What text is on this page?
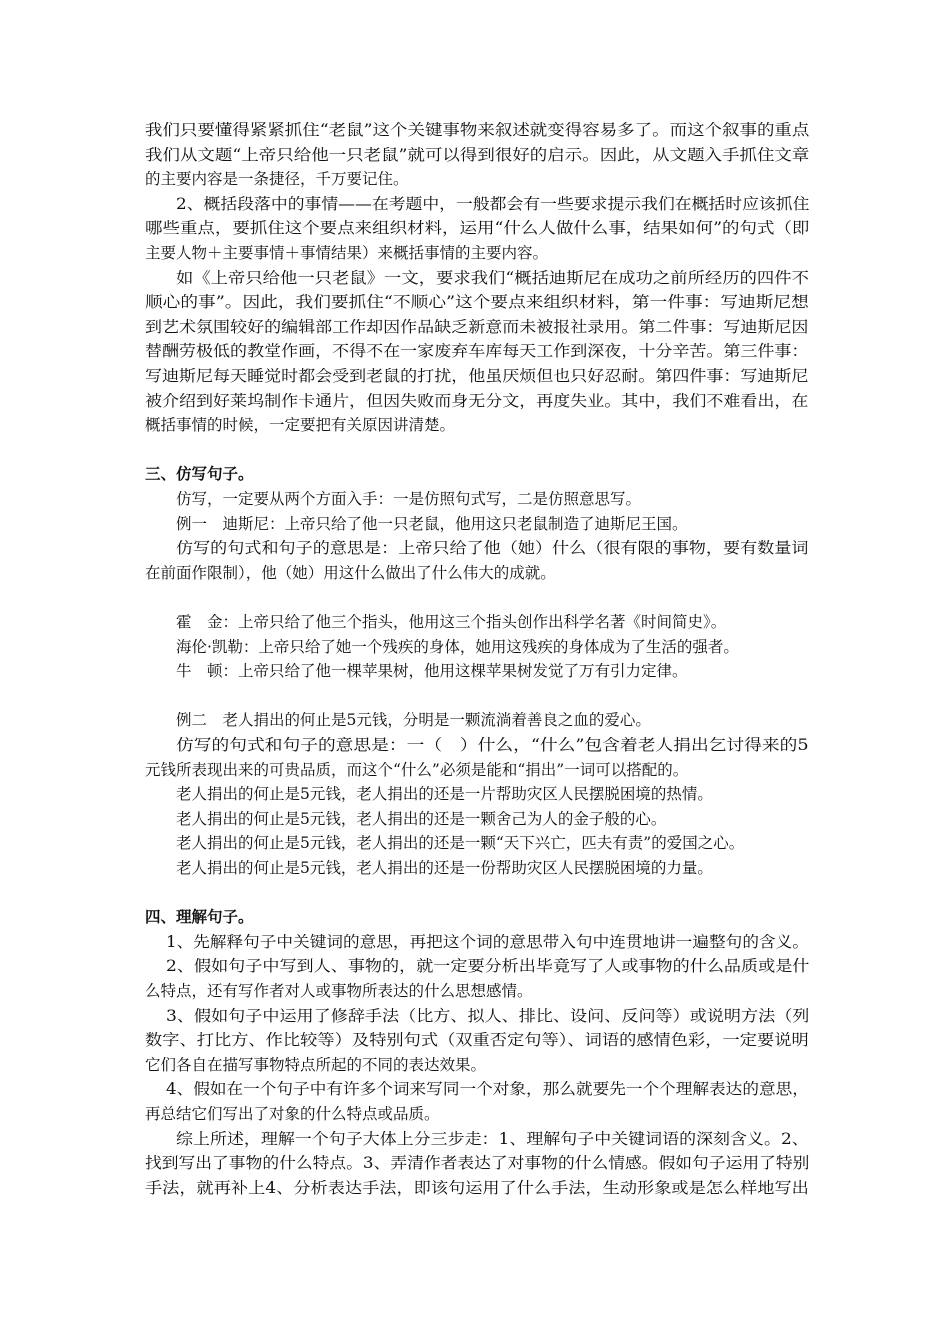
我们只要懂得紧紧抓住“老鼠”这个关键事物来叙述就变得容易多了。而这个叙事的重点
我们从文题“上帝只给他一只老鼠”就可以得到很好的启示。因此，从文题入手抓住文章
的主要内容是一条捷径，千万要记住。
2、概括段落中的事情——在考题中，一般都会有一些要求提示我们在概括时应该抓住
哪些重点，要抓住这个要点来组织材料，运用“什么人做什么事，结果如何”的句式（即
主要人物＋主要事情＋事情结果）来概括事情的主要内容。
如《上帝只给他一只老鼠》一文，要求我们“概括迪斯尼在成功之前所经历的四件不
顺心的事”。因此，我们要抓住“不顺心”这个要点来组织材料，第一件事：写迪斯尼想
到艺术氛围较好的编辑部工作却因作品缺乏新意而未被报社录用。第二件事：写迪斯尼因
替酬劳极低的教堂作画，不得不在一家废弃车库每天工作到深夜，十分辛苦。第三件事：
写迪斯尼每天睡觉时都会受到老鼠的打扰，他虽厌烦但也只好忍耐。第四件事：写迪斯尼
被介绍到好莱坞制作卡通片，但因失败而身无分文，再度失业。其中，我们不难看出，在
概括事情的时候，一定要把有关原因讲清楚。
三、仿写句子。
仿写，一定要从两个方面入手：一是仿照句式写，二是仿照意思写。
例一　迪斯尼：上帝只给了他一只老鼠，他用这只老鼠制造了迪斯尼王国。
仿写的句式和句子的意思是：上帝只给了他（她）什么（很有限的事物，要有数量词
在前面作限制），他（她）用这什么做出了什么伟大的成就。
霍　金：上帝只给了他三个指头，他用这三个指头创作出科学名著《时间简史》。
海伦·凯勒：上帝只给了她一个残疾的身体，她用这残疾的身体成为了生活的强者。
牛　顿：上帝只给了他一棵苹果树，他用这棵苹果树发觉了万有引力定律。
例二　老人捐出的何止是5元钱，分明是一颗流淌着善良之血的爱心。
仿写的句式和句子的意思是：一（　）什么，“什么”包含着老人捐出乞讨得来的5
元钱所表现出来的可贵品质，而这个“什么”必须是能和“捐出”一词可以搭配的。
老人捐出的何止是5元钱，老人捐出的还是一片帮助灾区人民摆脱困境的热情。
老人捐出的何止是5元钱，老人捐出的还是一颗舍己为人的金子般的心。
老人捐出的何止是5元钱，老人捐出的还是一颗“天下兴亡，匹夫有责”的爱国之心。
老人捐出的何止是5元钱，老人捐出的还是一份帮助灾区人民摆脱困境的力量。
四、理解句子。
1、先解释句子中关键词的意思，再把这个词的意思带入句中连贯地讲一遍整句的含义。
2、假如句子中写到人、事物的，就一定要分析出毕竟写了人或事物的什么品质或是什
么特点，还有写作者对人或事物所表达的什么思想感情。
3、假如句子中运用了修辞手法（比方、拟人、排比、设问、反问等）或说明方法（列
数字、打比方、作比较等）及特别句式（双重否定句等）、词语的感情色彩，一定要说明
它们各自在描写事物特点所起的不同的表达效果。
4、假如在一个句子中有许多个词来写同一个对象，那么就要先一个个理解表达的意思，
再总结它们写出了对象的什么特点或品质。
综上所述，理解一个句子大体上分三步走：1、理解句子中关键词语的深刻含义。2、
找到写出了事物的什么特点。3、弄清作者表达了对事物的什么情感。假如句子运用了特别
手法，就再补上4、分析表达手法，即该句运用了什么手法，生动形象或是怎么样地写出
